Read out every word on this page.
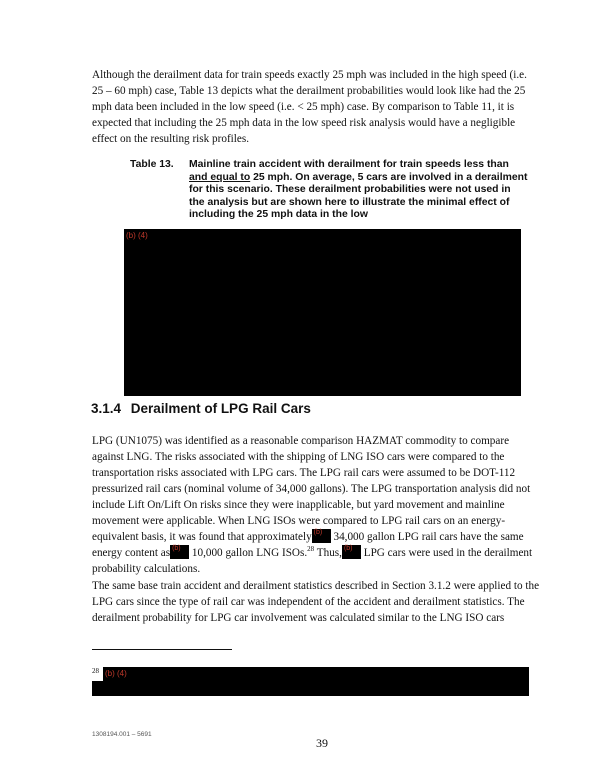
Although the derailment data for train speeds exactly 25 mph was included in the high speed (i.e. 25 – 60 mph) case, Table 13 depicts what the derailment probabilities would look like had the 25 mph data been included in the low speed (i.e. < 25 mph) case. By comparison to Table 11, it is expected that including the 25 mph data in the low speed risk analysis would have a negligible effect on the resulting risk profiles.
Table 13. Mainline train accident with derailment for train speeds less than and equal to 25 mph. On average, 5 cars are involved in a derailment for this scenario. These derailment probabilities were not used in the analysis but are shown here to illustrate the minimal effect of including the 25 mph data in the low
(b) (4)
3.1.4 Derailment of LPG Rail Cars
LPG (UN1075) was identified as a reasonable comparison HAZMAT commodity to compare against LNG. The risks associated with the shipping of LNG ISO cars were compared to the transportation risks associated with LPG cars. The LPG rail cars were assumed to be DOT-112 pressurized rail cars (nominal volume of 34,000 gallons). The LPG transportation analysis did not include Lift On/Lift On risks since they were inapplicable, but yard movement and mainline movement were applicable. When LNG ISOs were compared to LPG rail cars on an energy-equivalent basis, it was found that approximately (b) 34,000 gallon LPG rail cars have the same energy content as (b) 10,000 gallon LNG ISOs.$^{28}$ Thus, (b) LPG cars were used in the derailment probability calculations.
The same base train accident and derailment statistics described in Section 3.1.2 were applied to the LPG cars since the type of rail car was independent of the accident and derailment statistics. The derailment probability for LPG car involvement was calculated similar to the LNG ISO cars
28 (b) (4)
1308194.001 – 5691
39
